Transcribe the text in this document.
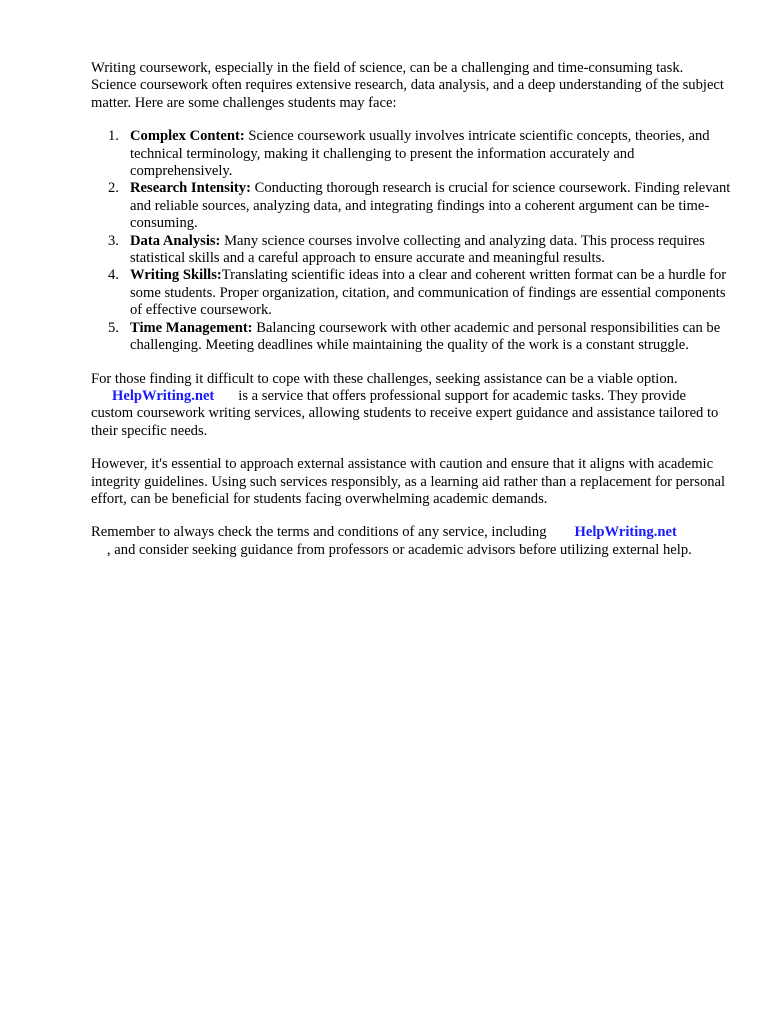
Writing coursework, especially in the field of science, can be a challenging and time-consuming task. Science coursework often requires extensive research, data analysis, and a deep understanding of the subject matter. Here are some challenges students may face:

1. Complex Content: Science coursework usually involves intricate scientific concepts, theories, and technical terminology, making it challenging to present the information accurately and comprehensively.
2. Research Intensity: Conducting thorough research is crucial for science coursework. Finding relevant and reliable sources, analyzing data, and integrating findings into a coherent argument can be time-consuming.
3. Data Analysis: Many science courses involve collecting and analyzing data. This process requires statistical skills and a careful approach to ensure accurate and meaningful results.
4. Writing Skills:Translating scientific ideas into a clear and coherent written format can be a hurdle for some students. Proper organization, citation, and communication of findings are essential components of effective coursework.
5. Time Management: Balancing coursework with other academic and personal responsibilities can be challenging. Meeting deadlines while maintaining the quality of the work is a constant struggle.

For those finding it difficult to cope with these challenges, seeking assistance can be a viable option.
HelpWriting.net is a service that offers professional support for academic tasks. They provide custom coursework writing services, allowing students to receive expert guidance and assistance tailored to their specific needs.

However, it's essential to approach external assistance with caution and ensure that it aligns with academic integrity guidelines. Using such services responsibly, as a learning aid rather than a replacement for personal effort, can be beneficial for students facing overwhelming academic demands.

Remember to always check the terms and conditions of any service, including HelpWriting.net
, and consider seeking guidance from professors or academic advisors before utilizing external help.
